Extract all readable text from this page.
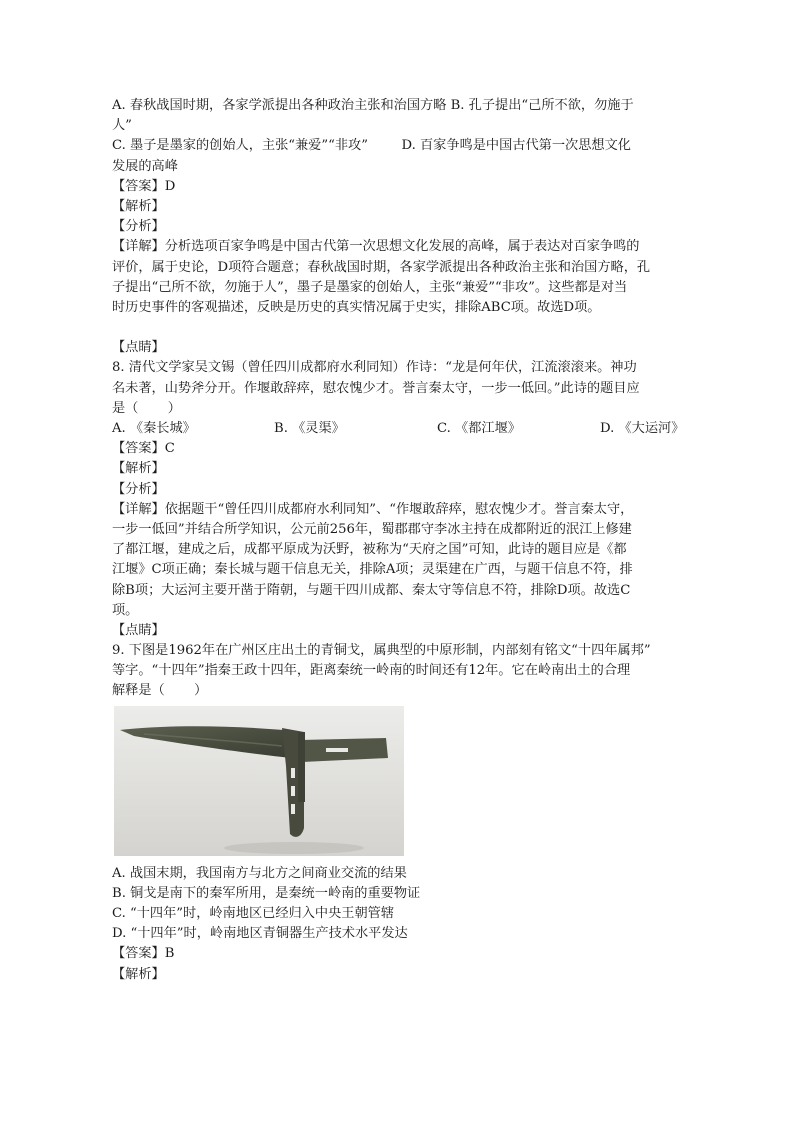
A. 春秋战国时期，各家学派提出各种政治主张和治国方略 B. 孔子提出“己所不欲，勿施于
人”
C. 墨子是墨家的创始人，主张“兼爱”“非攻”        D. 百家争鸣是中国古代第一次思想文化
发展的高峰
【答案】D
【解析】
【分析】
【详解】分析选项百家争鸣是中国古代第一次思想文化发展的高峰，属于表达对百家争鸣的
评价，属于史论，D项符合题意；春秋战国时期，各家学派提出各种政治主张和治国方略，孔
子提出“己所不欲，勿施于人”，墨子是墨家的创始人，主张“兼爱”“非攻”。这些都是对当
时历史事件的客观描述，反映是历史的真实情况属于史实，排除ABC项。故选D项。
【点睛】
8. 清代文学家吴文锡（曾任四川成都府水利同知）作诗：“龙是何年伏，江流滚滚来。神功
名未著，山势斧分开。作堰敢辞瘁，慰农愧少才。誉言秦太守，一步一低回。”此诗的题目应
是（       ）
A. 《秦长城》	B. 《灵渠》	C. 《都江堰》	D. 《大运河》
【答案】C
【解析】
【分析】
【详解】依据题干“曾任四川成都府水利同知”、“作堰敢辞瘁，慰农愧少才。誉言秦太守，
一步一低回”并结合所学知识，公元前256年，蜀郡郡守李冰主持在成都附近的泯江上修建
了都江堰，建成之后，成都平原成为沃野，被称为“天府之国”可知，此诗的题目应是《都
江堰》C项正确；秦长城与题干信息无关，排除A项；灵渠建在广西，与题干信息不符，排
除B项；大运河主要开凿于隋朝，与题干四川成都、秦太守等信息不符，排除D项。故选C
项。
【点睛】
9. 下图是1962年在广州区庄出土的青铜戈，属典型的中原形制，内部刻有铭文“十四年属邦”
等字。“十四年”指秦王政十四年，距离秦统一岭南的时间还有12年。它在岭南出土的合理
解释是（       ）
A. 战国末期，我国南方与北方之间商业交流的结果
B. 铜戈是南下的秦军所用，是秦统一岭南的重要物证
C. “十四年”时，岭南地区已经归入中央王朝管辖
D. “十四年”时，岭南地区青铜器生产技术水平发达
【答案】B
【解析】
